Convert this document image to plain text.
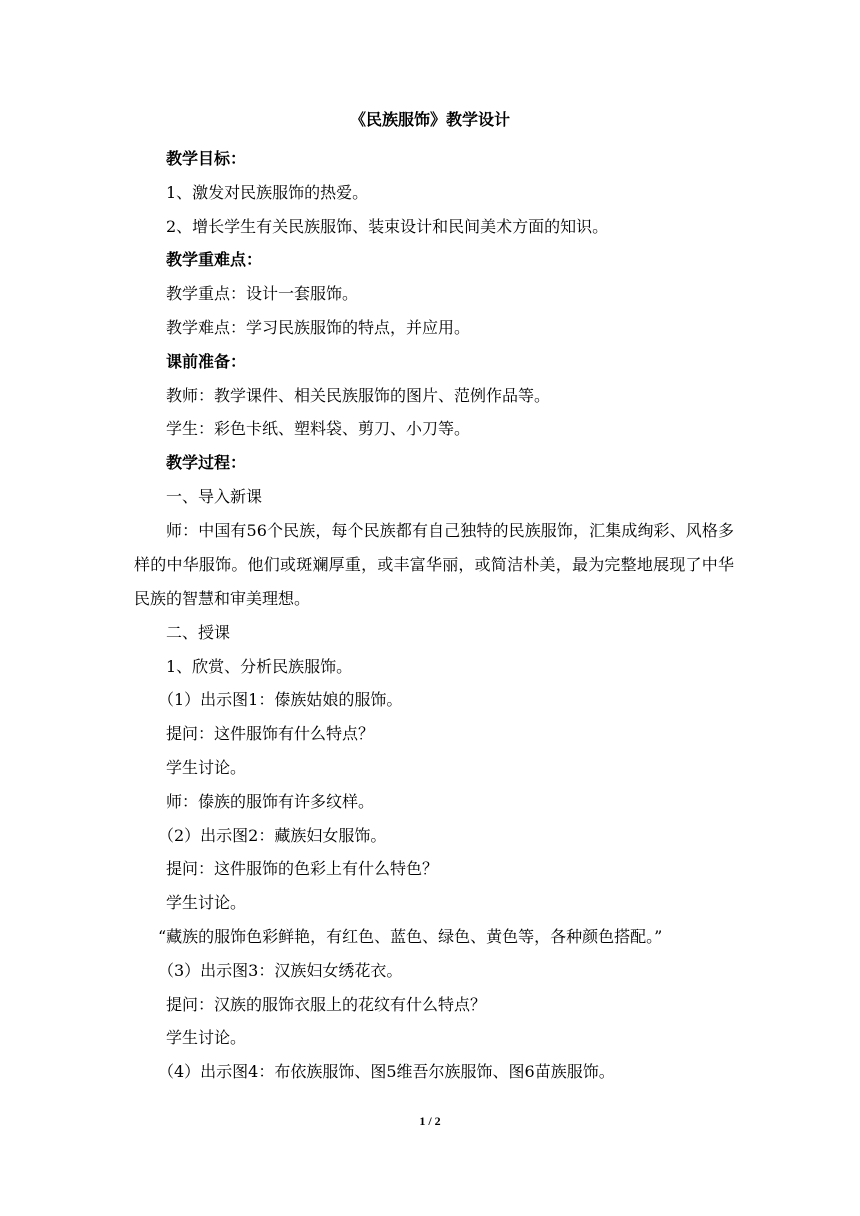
《民族服饰》教学设计
教学目标：
1、激发对民族服饰的热爱。
2、增长学生有关民族服饰、装束设计和民间美术方面的知识。
教学重难点：
教学重点：设计一套服饰。
教学难点：学习民族服饰的特点，并应用。
课前准备：
教师：教学课件、相关民族服饰的图片、范例作品等。
学生：彩色卡纸、塑料袋、剪刀、小刀等。
教学过程：
一、导入新课
师：中国有56个民族，每个民族都有自己独特的民族服饰，汇集成绚彩、风格多样的中华服饰。他们或斑斓厚重，或丰富华丽，或简洁朴美，最为完整地展现了中华民族的智慧和审美理想。
二、授课
1、欣赏、分析民族服饰。
（1）出示图1：傣族姑娘的服饰。
提问：这件服饰有什么特点？
学生讨论。
师：傣族的服饰有许多纹样。
（2）出示图2：藏族妇女服饰。
提问：这件服饰的色彩上有什么特色？
学生讨论。
“藏族的服饰色彩鲜艳，有红色、蓝色、绿色、黄色等，各种颜色搭配。”
（3）出示图3：汉族妇女绣花衣。
提问：汉族的服饰衣服上的花纹有什么特点？
学生讨论。
（4）出示图4：布依族服饰、图5维吾尔族服饰、图6苗族服饰。
1 / 2
